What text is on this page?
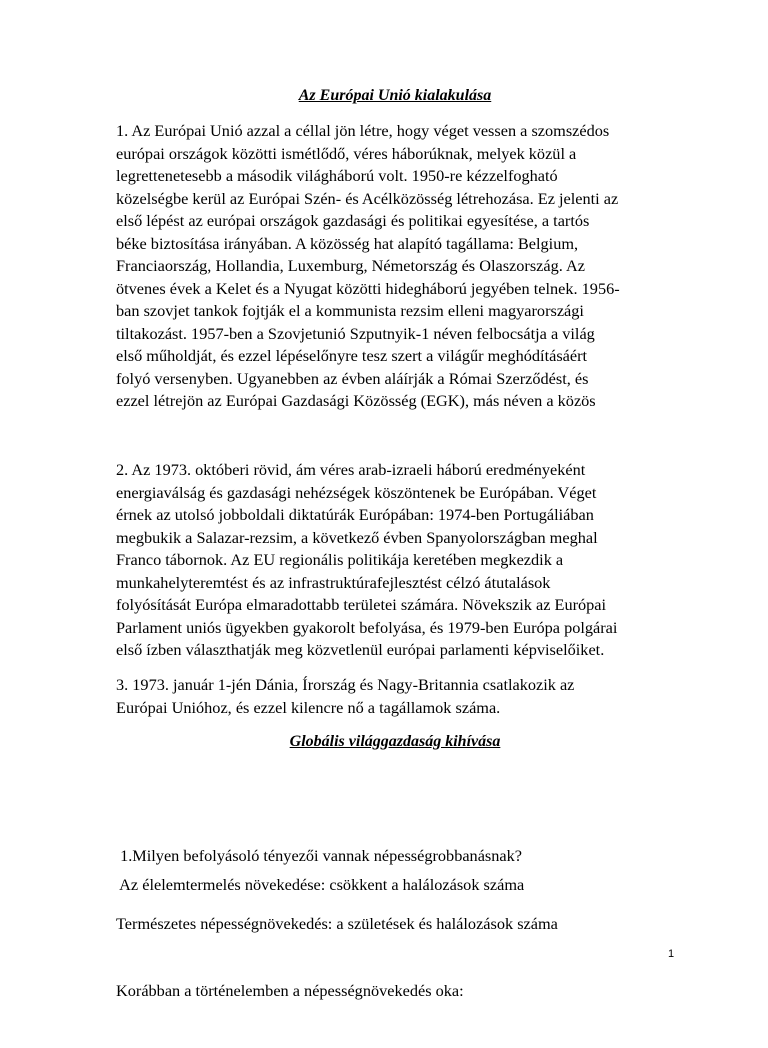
Az Európai Unió kialakulása

1. Az Európai Unió azzal a céllal jön létre, hogy véget vessen a szomszédos
európai országok közötti ismétlődő, véres háborúknak, melyek közül a
legrettenetesebb a második világháború volt. 1950-re kézzelfogható
közelségbe kerül az Európai Szén- és Acélközösség létrehozása. Ez jelenti az
első lépést az európai országok gazdasági és politikai egyesítése, a tartós
béke biztosítása irányában. A közösség hat alapító tagállama: Belgium,
Franciaország, Hollandia, Luxemburg, Németország és Olaszország. Az
ötvenes évek a Kelet és a Nyugat közötti hidegháború jegyében telnek. 1956-
ban szovjet tankok fojtják el a kommunista rezsim elleni magyarországi
tiltakozást. 1957-ben a Szovjetunió Szputnyik-1 néven felbocsátja a világ
első műholdját, és ezzel lépéselőnyre tesz szert a világűr meghódításáért
folyó versenyben. Ugyanebben az évben aláírják a Római Szerződést, és
ezzel létrejön az Európai Gazdasági Közösség (EGK), más néven a közös

2. Az 1973. októberi rövid, ám véres arab-izraeli háború eredményeként
energiaválság és gazdasági nehézségek köszöntenek be Európában. Véget
érnek az utolsó jobboldali diktatúrák Európában: 1974-ben Portugáliában
megbukik a Salazar-rezsim, a következő évben Spanyolországban meghal
Franco tábornok. Az EU regionális politikája keretében megkezdik a
munkahelyteremtést és az infrastruktúrafejlesztést célzó átutalások
folyósítását Európa elmaradottabb területei számára. Növekszik az Európai
Parlament uniós ügyekben gyakorolt befolyása, és 1979-ben Európa polgárai
első ízben választhatják meg közvetlenül európai parlamenti képviselőiket.

3. 1973. január 1-jén Dánia, Írország és Nagy-Britannia csatlakozik az
Európai Unióhoz, és ezzel kilencre nő a tagállamok száma.

Globális világgazdaság kihívása

1.Milyen befolyásoló tényezői vannak népességrobbanásnak?

Természetes népességnövekedés: a születések és halálozások száma

Korábban a történelemben a népességnövekedés oka:

Az élelemtermelés növekedése: csökkent a halálozások száma

1
